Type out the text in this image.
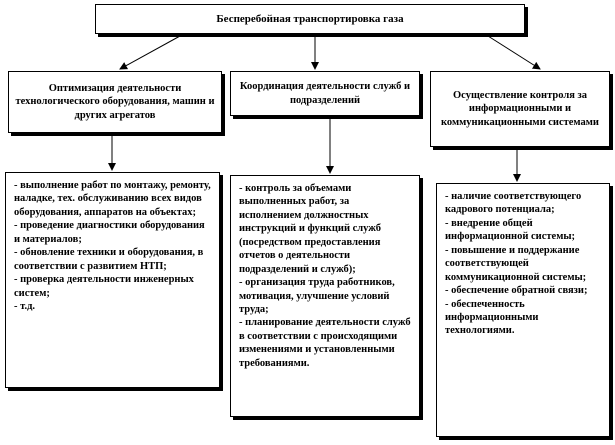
Бесперебойная транспортировка газа
Оптимизация деятельности технологического оборудования, машин и других агрегатов
Координация деятельности служб и подразделений	Осуществление контроля за информационными и коммуникационными системами

- выполнение работ по монтажу, ремонту, наладке, тех. обслуживанию всех видов оборудования, аппаратов на объектах;

- проведение диагностики оборудования и материалов;

- обновление техники и оборудования, в соответствии с развитием НТП;

- проверка деятельности инженерных систем;

- т.д.

- контроль за объемами выполненных работ, за исполнением должностных инструкций и функций служб (посредством предоставления отчетов о деятельности подразделений и служб);

- организация труда работников, мотивация, улучшение условий труда;

- планирование деятельности служб в соответствии с происходящими изменениями и установленными требованиями.

- наличие соответствующего кадрового потенциала;

- внедрение общей информационной системы;

- повышение и поддержание соответствующей коммуникационной системы;

- обеспечение обратной связи;

- обеспеченность информационными технологиями.
